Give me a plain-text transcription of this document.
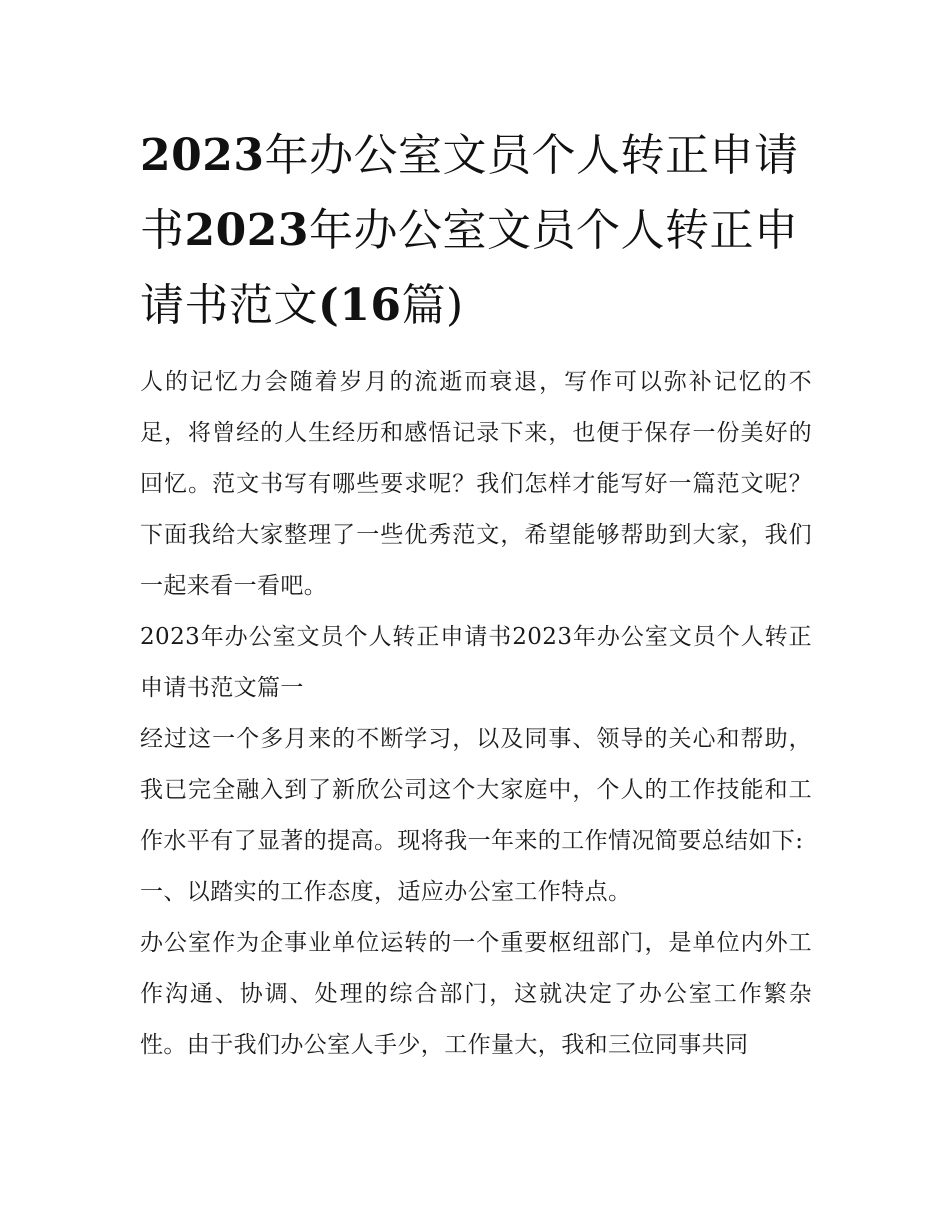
2023年办公室文员个人转正申请书2023年办公室文员个人转正申请书范文(16篇)

人的记忆力会随着岁月的流逝而衰退，写作可以弥补记忆的不足，将曾经的人生经历和感悟记录下来，也便于保存一份美好的回忆。范文书写有哪些要求呢？我们怎样才能写好一篇范文呢？下面我给大家整理了一些优秀范文，希望能够帮助到大家，我们一起来看一看吧。

2023年办公室文员个人转正申请书2023年办公室文员个人转正申请书范文篇一

经过这一个多月来的不断学习，以及同事、领导的关心和帮助，我已完全融入到了新欣公司这个大家庭中，个人的工作技能和工作水平有了显著的提高。现将我一年来的工作情况简要总结如下:

一、以踏实的工作态度，适应办公室工作特点。

办公室作为企事业单位运转的一个重要枢纽部门，是单位内外工作沟通、协调、处理的综合部门，这就决定了办公室工作繁杂性。由于我们办公室人手少，工作量大，我和三位同事共同
